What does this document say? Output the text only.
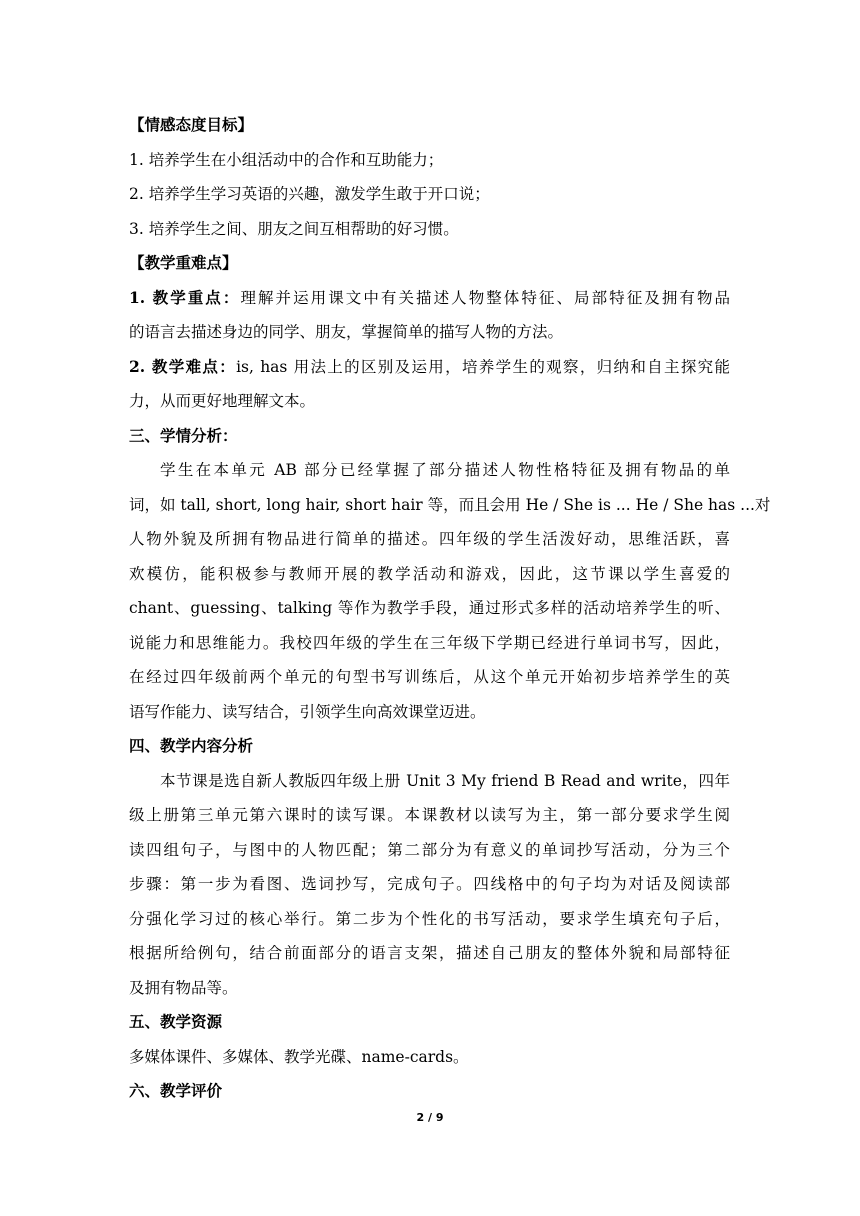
【情感态度目标】
1. 培养学生在小组活动中的合作和互助能力；
2. 培养学生学习英语的兴趣，激发学生敢于开口说；
3. 培养学生之间、朋友之间互相帮助的好习惯。
【教学重难点】
1. 教学重点：理解并运用课文中有关描述人物整体特征、局部特征及拥有物品
的语言去描述身边的同学、朋友，掌握简单的描写人物的方法。
2. 教学难点：is, has 用法上的区别及运用，培养学生的观察，归纳和自主探究能
力，从而更好地理解文本。
三、学情分析：
学生在本单元 AB 部分已经掌握了部分描述人物性格特征及拥有物品的单
词，如 tall, short, long hair, short hair 等，而且会用 He / She is ... He / She has ...对
人物外貌及所拥有物品进行简单的描述。四年级的学生活泼好动，思维活跃，喜
欢模仿，能积极参与教师开展的教学活动和游戏，因此，这节课以学生喜爱的
chant、guessing、talking 等作为教学手段，通过形式多样的活动培养学生的听、
说能力和思维能力。我校四年级的学生在三年级下学期已经进行单词书写，因此，
在经过四年级前两个单元的句型书写训练后，从这个单元开始初步培养学生的英
语写作能力、读写结合，引领学生向高效课堂迈进。
四、教学内容分析
本节课是选自新人教版四年级上册 Unit 3 My friend B Read and write，四年
级上册第三单元第六课时的读写课。本课教材以读写为主，第一部分要求学生阅
读四组句子，与图中的人物匹配；第二部分为有意义的单词抄写活动，分为三个
步骤：第一步为看图、选词抄写，完成句子。四线格中的句子均为对话及阅读部
分强化学习过的核心举行。第二步为个性化的书写活动，要求学生填充句子后，
根据所给例句，结合前面部分的语言支架，描述自己朋友的整体外貌和局部特征
及拥有物品等。
五、教学资源
多媒体课件、多媒体、教学光碟、name-cards。
六、教学评价
2 / 9
